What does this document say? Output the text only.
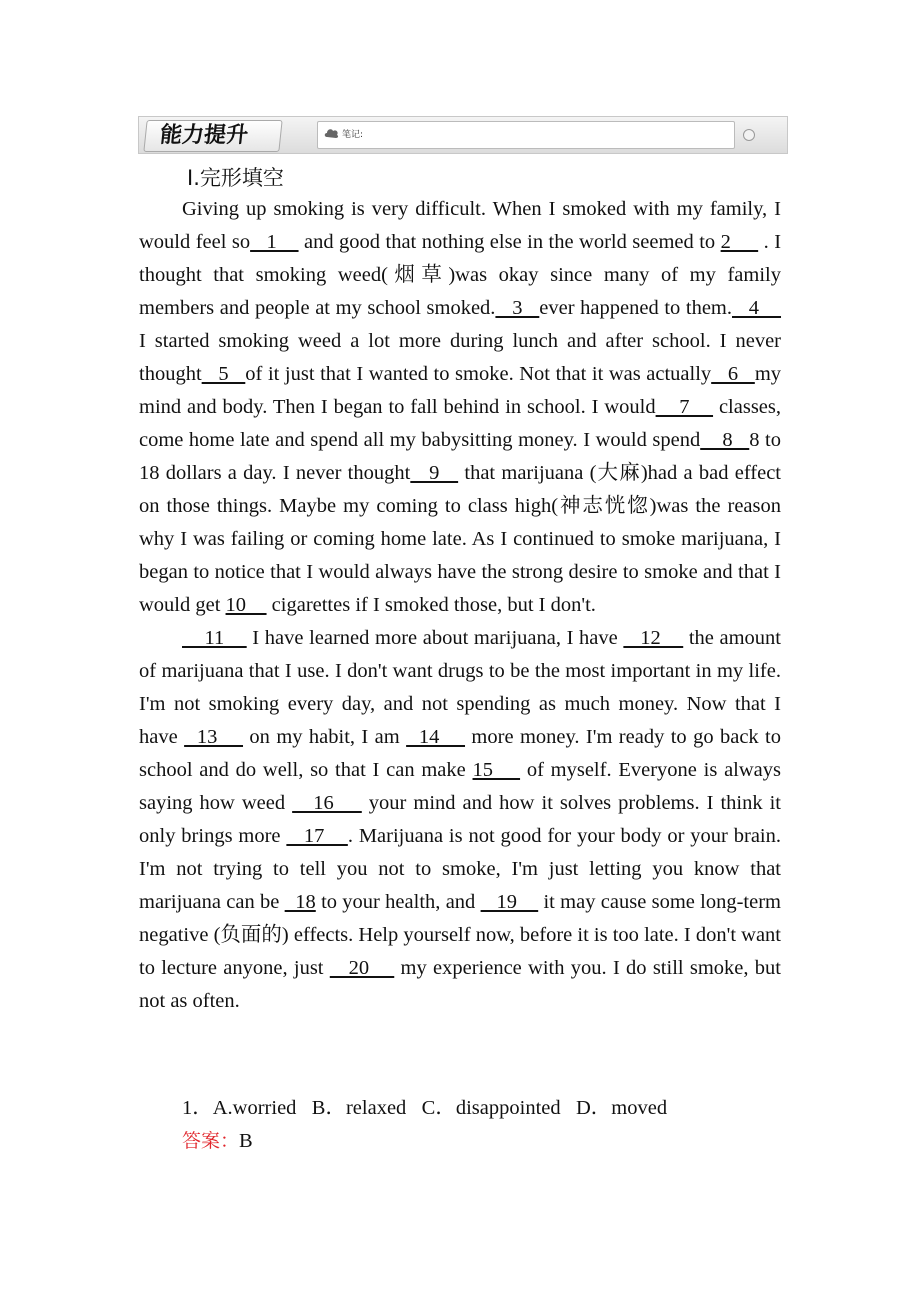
能力提升	笔记:
Ⅰ.完形填空

Giving up smoking is very difficult. When I smoked with my family, I would feel so   1     and good that nothing else in the world seemed to 2      . I thought that smoking weed(烟草)was okay since many of my family members and people at my school smoked.   3   ever happened to them.   4     I started smoking weed a lot more during lunch and after school. I never thought   5   of it just that I wanted to smoke. Not that it was actually   6   my mind and body. Then I began to fall behind in school. I would    7     classes, come home late and spend all my babysitting money. I would spend    8   8 to 18 dollars a day. I never thought   9    that marijuana (大麻)had a bad effect on those things. Maybe my coming to class high(神志恍惚)was the reason why I was failing or coming home late. As I continued to smoke marijuana, I began to notice that I would always have the strong desire to smoke and that I would get 10     cigarettes if I smoked those, but I don't.

11     I have learned more about marijuana, I have    12     the amount of marijuana that I use. I don't want drugs to be the most important in my life. I'm not smoking every day, and not spending as much money. Now that I have   13     on my habit, I am   14     more money. I'm ready to go back to school and do well, so that I can make 15     of myself. Everyone is always saying how weed    16     your mind and how it solves problems. I think it only brings more    17    . Marijuana is not good for your body or your brain. I'm not trying to tell you not to smoke, I'm just letting you know that marijuana can be   18 to your health, and    19     it may cause some long-term negative (负面的) effects. Help yourself now, before it is too late. I don't want to lecture anyone, just    20     my experience with you. I do still smoke, but not as often.

1．A.worried   B．relaxed   C．disappointed   D．moved
答案：B
